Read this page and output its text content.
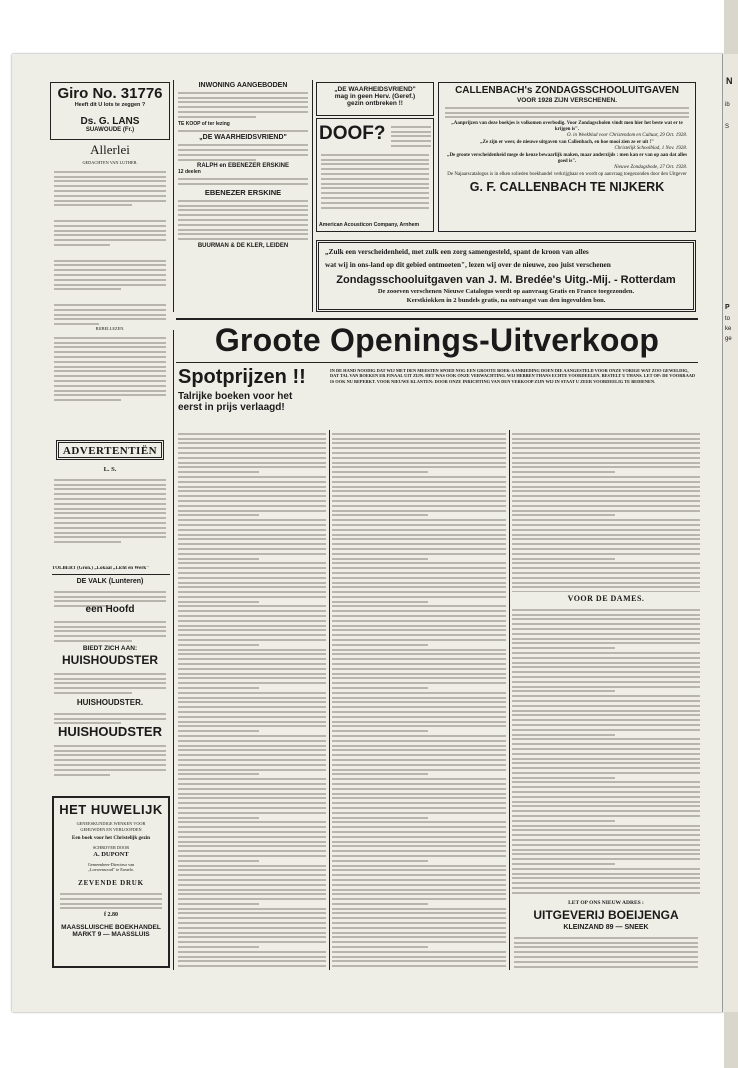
N
ib
S
P
to
ke
ge
Giro No. 31776
Heeft dit U lots te zeggen ?
Ds. G. LANS
SUAWOUDE (Fr.)
Allerlei
GEDACHTEN VAN LUTHER.
BIJBELLEZEN.
ADVERTENTIËN
L. S.
TOLBERT (Gron.) „Lokaal „Licht en Werk"
DE VALK (Lunteren)
een Hoofd
BIEDT ZICH AAN:
HUISHOUDSTER
HUISHOUDSTER.
HUISHOUDSTER
HET HUWELIJK
GENEESKUNDIGE WENKEN VOOR
GEHUWDEN EN VERLOOFDEN
Een boek voor het Christelijk gezin
SCHRIJVER DOOR
A. DUPONT
Gemeenheer-Directeur van
„Loewensoord" te Ermelo.
ZEVENDE DRUK
f 2.80
MAASSLUISCHE BOEKHANDEL
MARKT 9 — MAASSLUIS
INWONING AANGEBODEN
TE KOOP of ter lezing
„DE WAARHEIDSVRIEND"
RALPH en EBENEZER ERSKINE
12 deelen
EBENEZER ERSKINE
BUURMAN & DE KLER, LEIDEN
„DE WAARHEIDSVRIEND"
mag in geen Herv. (Geref.)
gezin ontbreken !!
DOOF?
American Acousticon Company, Arnhem
CALLENBACH's ZONDAGSSCHOOLUITGAVEN
VOOR 1928 ZIJN VERSCHENEN.
„Aanprijzen van deze boekjes is volkomen overbodig. Voor Zondagscholen vindt men hier het beste wat er te krijgen is".
O. in Weekblad voor Christendom en Cultuur, 29 Oct. 1928.
„Ze zijn er weer, de nieuwe uitgaven van Callenbach, en hoe mooi zien ze er uit !"
Christelijk Schoolblad, 1 Nov. 1928.
„De groote verscheidenheid mege de keuze bewaarlijk maken, maar anderzijds : men kan er van op aan dat alles goed is".
Nieuwe Zondagsbode, 27 Oct. 1928.
De Najaarscatalogus is in elken solieden boekhandel verkrijgbaar en wordt op aanvraag toegezonden door den Uitgever
G. F. CALLENBACH TE NIJKERK
„Zulk een verscheidenheid, met zulk een zorg samengesteld, spant de kroon van alles
wat wij in ons-land op dit gebied ontmoeten", lezen wij over de nieuwe, zoo juist verschenen
Zondagsschooluitgaven van J. M. Bredée's Uitg.-Mij. - Rotterdam
De zooeven verschenen Nieuwe Catalogus wordt op aanvraag Gratis en Franco toegezonden.
Kerstkiokken in 2 bundels gratis, na ontvangst van den ingevulden bon.
Groote Openings-Uitverkoop
Spotprijzen !!
Talrijke boeken voor het
eerst in prijs verlaagd!
IN DE HAND NOODIG DAT WIJ MET DEN MEESTEN SPOED NOG EEN GROOTE BOEK-AANBIEDING DOEN DIE AANGESTELD VOOR ONZE VORIGE WAT ZOO GEWELDIG, DAT TAL VAN BOEKEN ER FINAAL UIT ZIJN. HET WAS OOK ONZE VERWACHTING. WIJ HEBBEN THANS ECHTE VOORDEELEN. BESTELT U THANS. LET OP: DE VOORRAAD IS OOK NU BEPERKT. VOOR NIEUWE KLANTEN: DOOR ONZE INRICHTING VAN DEN VERKOOP ZIJN WIJ IN STAAT U ZEER VOORDEELIG TE BEDIENEN.
VOOR DE DAMES.
LET OP ONS NIEUW ADRES :
UITGEVERIJ BOEIJENGA
KLEINZAND 89 — SNEEK
